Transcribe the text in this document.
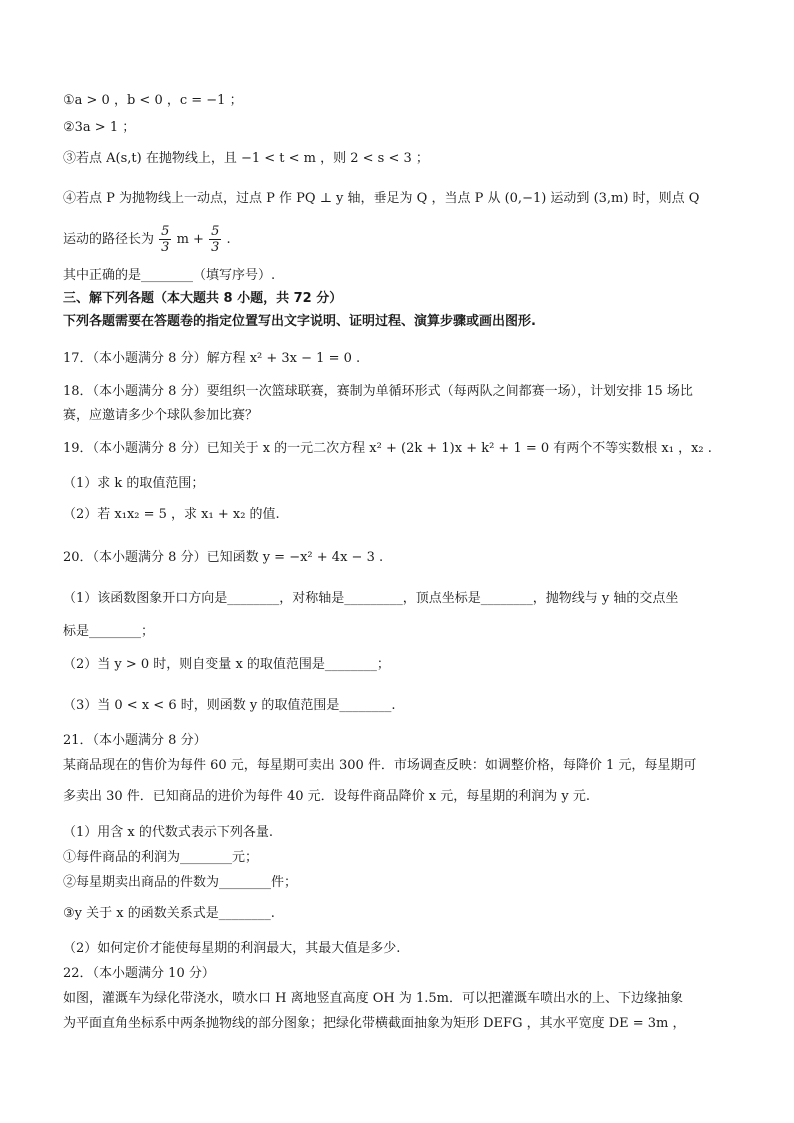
①a > 0 ，b < 0 ，c = −1 ；
②3a > 1 ；
③若点 A(s,t) 在抛物线上，且 −1 < t < m ，则 2 < s < 3 ；
④若点 P 为抛物线上一动点，过点 P 作 PQ ⊥ y 轴，垂足为 Q ，当点 P 从 (0,−1) 运动到 (3,m) 时，则点 Q
运动的路径长为 $\frac{5}{3}$ $m + \frac{5}{3}$ .
其中正确的是________（填写序号）.
三、解下列各题（本大题共 8 小题，共 72 分）
下列各题需要在答题卷的指定位置写出文字说明、证明过程、演算步骤或画出图形.
17．（本小题满分 8 分）解方程 x² + 3x − 1 = 0 .
18．（本小题满分 8 分）要组织一次篮球联赛，赛制为单循环形式（每两队之间都赛一场），计划安排 15 场比
赛，应邀请多少个球队参加比赛？
19．（本小题满分 8 分）已知关于 x 的一元二次方程 x² + (2k + 1)x + k² + 1 = 0 有两个不等实数根 x₁ ，x₂ .
（1）求 k 的取值范围；
（2）若 x₁x₂ = 5 ，求 x₁ + x₂ 的值.
20．（本小题满分 8 分）已知函数 y = −x² + 4x − 3 .
（1）该函数图象开口方向是________，对称轴是_________，顶点坐标是________，抛物线与 y 轴的交点坐
标是________；
（2）当 y > 0 时，则自变量 x 的取值范围是________；
（3）当 0 < x < 6 时，则函数 y 的取值范围是________.
21．（本小题满分 8 分）
某商品现在的售价为每件 60 元，每星期可卖出 300 件．市场调查反映：如调整价格，每降价 1 元，每星期可
多卖出 30 件．已知商品的进价为每件 40 元．设每件商品降价 x 元，每星期的利润为 y 元.
（1）用含 x 的代数式表示下列各量.
①每件商品的利润为________元；
②每星期卖出商品的件数为________件；
③y 关于 x 的函数关系式是________.
（2）如何定价才能使每星期的利润最大，其最大值是多少.
22．（本小题满分 10 分）
如图，灌溉车为绿化带浇水，喷水口 H 离地竖直高度 OH 为 1.5m．可以把灌溉车喷出水的上、下边缘抽象
为平面直角坐标系中两条抛物线的部分图象；把绿化带横截面抽象为矩形 DEFG ，其水平宽度 DE = 3m ，
